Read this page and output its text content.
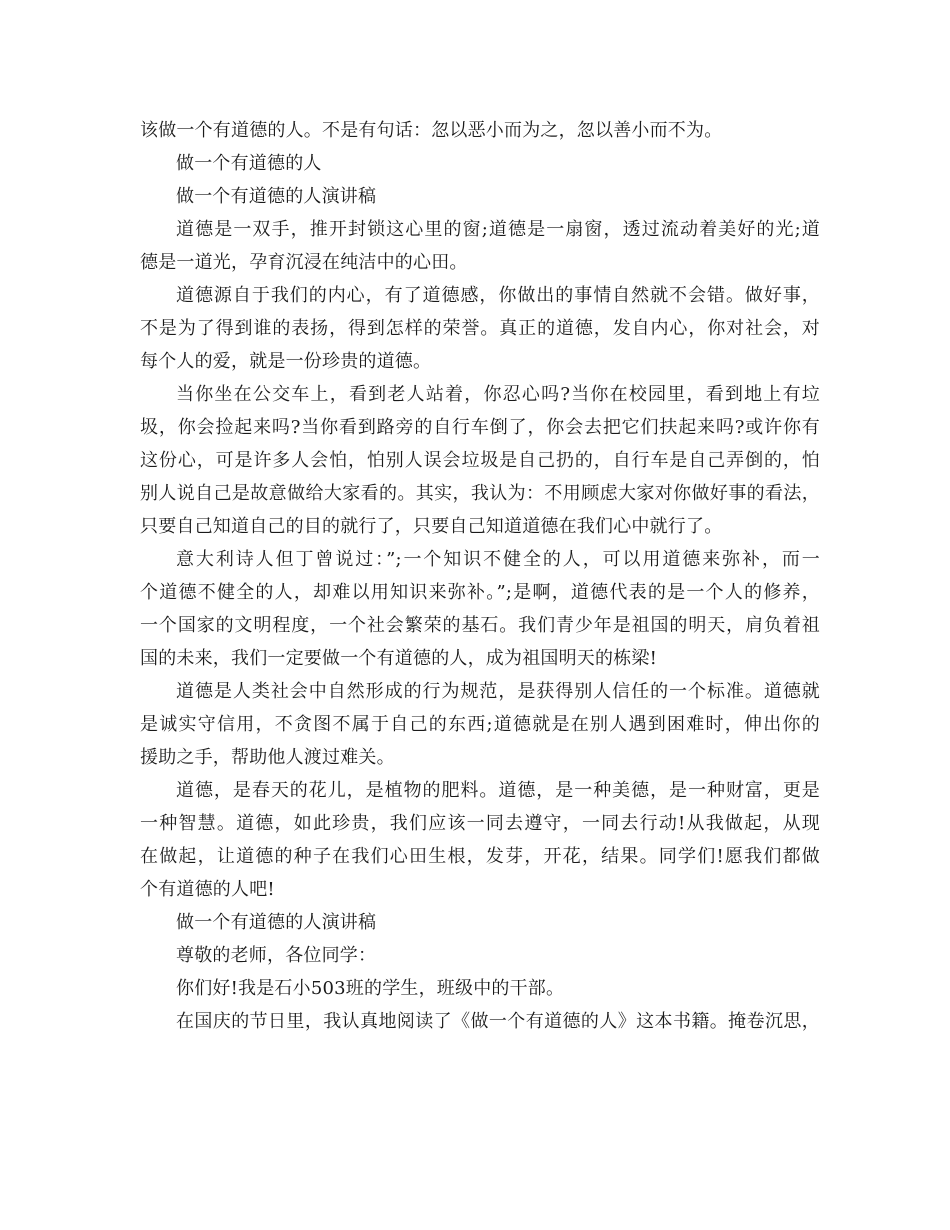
该做一个有道德的人。不是有句话：忽以恶小而为之，忽以善小而不为。
做一个有道德的人
做一个有道德的人演讲稿
道德是一双手，推开封锁这心里的窗;道德是一扇窗，透过流动着美好的光;道
德是一道光，孕育沉浸在纯洁中的心田。
道德源自于我们的内心，有了道德感，你做出的事情自然就不会错。做好事，
不是为了得到谁的表扬，得到怎样的荣誉。真正的道德，发自内心，你对社会，对
每个人的爱，就是一份珍贵的道德。
当你坐在公交车上，看到老人站着，你忍心吗?当你在校园里，看到地上有垃
圾，你会捡起来吗?当你看到路旁的自行车倒了，你会去把它们扶起来吗?或许你有
这份心，可是许多人会怕，怕别人误会垃圾是自己扔的，自行车是自己弄倒的，怕
别人说自己是故意做给大家看的。其实，我认为：不用顾虑大家对你做好事的看法，
只要自己知道自己的目的就行了，只要自己知道道德在我们心中就行了。
意大利诗人但丁曾说过：”;一个知识不健全的人，可以用道德来弥补，而一
个道德不健全的人，却难以用知识来弥补。”;是啊，道德代表的是一个人的修养，
一个国家的文明程度，一个社会繁荣的基石。我们青少年是祖国的明天，肩负着祖
国的未来，我们一定要做一个有道德的人，成为祖国明天的栋梁!
道德是人类社会中自然形成的行为规范，是获得别人信任的一个标准。道德就
是诚实守信用，不贪图不属于自己的东西;道德就是在别人遇到困难时，伸出你的
援助之手，帮助他人渡过难关。
道德，是春天的花儿，是植物的肥料。道德，是一种美德，是一种财富，更是
一种智慧。道德，如此珍贵，我们应该一同去遵守，一同去行动!从我做起，从现
在做起，让道德的种子在我们心田生根，发芽，开花，结果。同学们!愿我们都做
个有道德的人吧!
做一个有道德的人演讲稿
尊敬的老师，各位同学：
你们好!我是石小503班的学生，班级中的干部。
在国庆的节日里，我认真地阅读了《做一个有道德的人》这本书籍。掩卷沉思，
